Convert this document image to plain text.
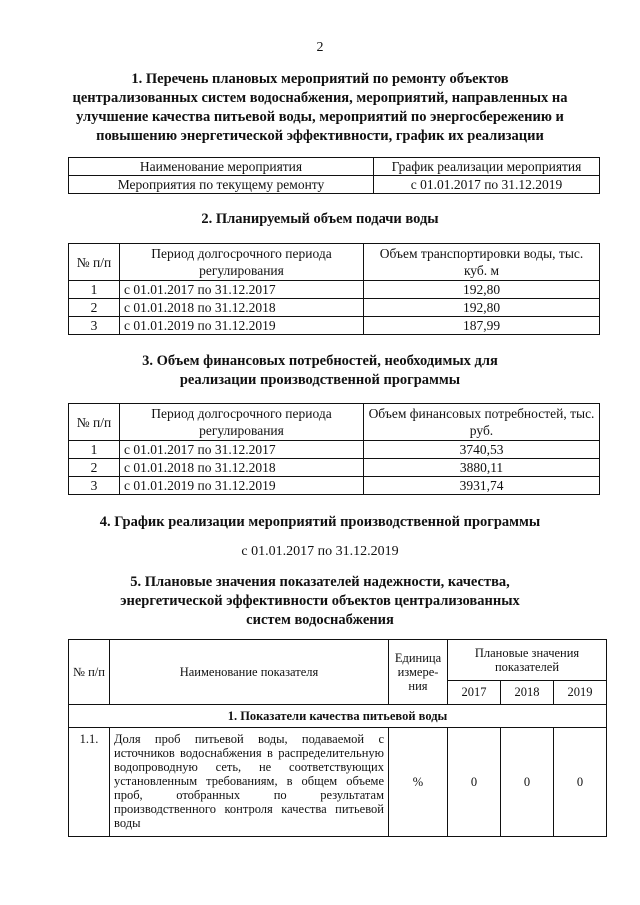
2
1. Перечень плановых мероприятий по ремонту объектов
централизованных систем водоснабжения, мероприятий, направленных на
улучшение качества питьевой воды, мероприятий по энергосбережению и
повышению энергетической эффективности, график их реализации
Наименование мероприятия	График реализации мероприятия
Мероприятия по текущему ремонту	с 01.01.2017 по 31.12.2019
2. Планируемый объем подачи воды
№ п/п	Период долгосрочного периода регулирования	Объем транспортировки воды, тыс. куб. м
1	с 01.01.2017 по 31.12.2017	192,80
2	с 01.01.2018 по 31.12.2018	192,80
3	с 01.01.2019 по 31.12.2019	187,99
3. Объем финансовых потребностей, необходимых для
реализации производственной программы
№ п/п	Период долгосрочного периода регулирования	Объем финансовых потребностей, тыс. руб.
1	с 01.01.2017 по 31.12.2017	3740,53
2	с 01.01.2018 по 31.12.2018	3880,11
3	с 01.01.2019 по 31.12.2019	3931,74
4. График реализации мероприятий производственной программы
с 01.01.2017 по 31.12.2019
5. Плановые значения показателей надежности, качества,
энергетической эффективности объектов централизованных
систем водоснабжения
№ п/п	Наименование показателя	Единица измере-ния	Плановые значения показателей		
			2017	2018	2019
1. Показатели качества питьевой воды					
1.1.	Доля проб питьевой воды, подаваемой с источников водоснабжения в распределительную водопроводную сеть, не соответствующих установленным требованиям, в общем объеме проб, отобранных по результатам производственного контроля качества питьевой воды	%	0	0	0
